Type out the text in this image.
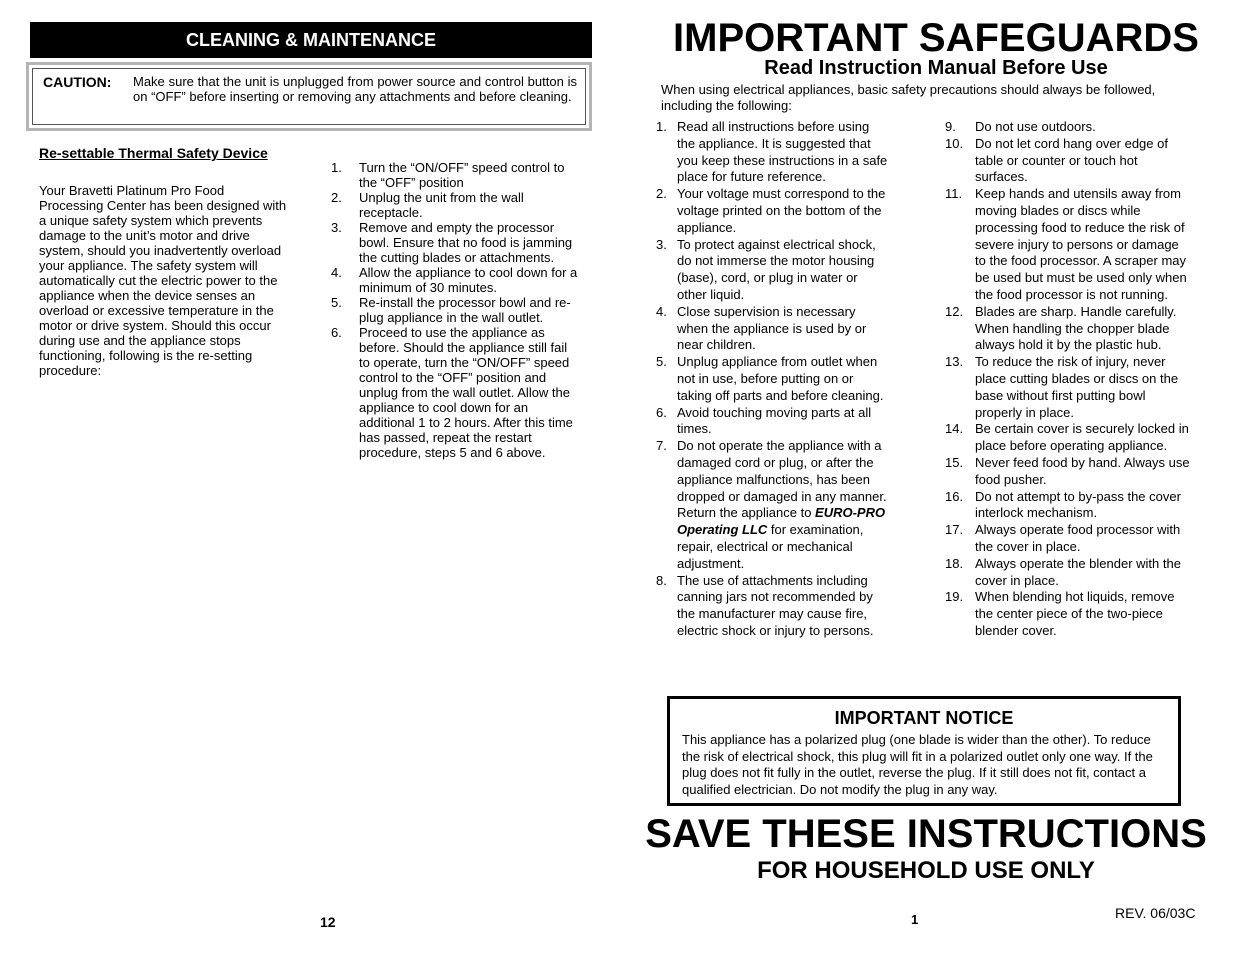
CLEANING & MAINTENANCE
CAUTION: Make sure that the unit is unplugged from power source and control button is on “OFF” before inserting or removing any attachments and before cleaning.
Re-settable Thermal Safety Device
Your Bravetti Platinum Pro Food Processing Center has been designed with a unique safety system which prevents damage to the unit’s motor and drive system, should you inadvertently overload your appliance. The safety system will automatically cut the electric power to the appliance when the device senses an overload or excessive temperature in the motor or drive system. Should this occur during use and the appliance stops functioning, following is the re-setting procedure:
1. Turn the “ON/OFF” speed control to the “OFF” position
2. Unplug the unit from the wall receptacle.
3. Remove and empty the processor bowl. Ensure that no food is jamming the cutting blades or attachments.
4. Allow the appliance to cool down for a minimum of 30 minutes.
5. Re-install the processor bowl and re-plug appliance in the wall outlet.
6. Proceed to use the appliance as before. Should the appliance still fail to operate, turn the “ON/OFF” speed control to the “OFF” position and unplug from the wall outlet. Allow the appliance to cool down for an additional 1 to 2 hours. After this time has passed, repeat the restart procedure, steps 5 and 6 above.
12
IMPORTANT SAFEGUARDS
Read Instruction Manual Before Use
When using electrical appliances, basic safety precautions should always be followed, including the following:
1. Read all instructions before using the appliance. It is suggested that you keep these instructions in a safe place for future reference.
2. Your voltage must correspond to the voltage printed on the bottom of the appliance.
3. To protect against electrical shock, do not immerse the motor housing (base), cord, or plug in water or other liquid.
4. Close supervision is necessary when the appliance is used by or near children.
5. Unplug appliance from outlet when not in use, before putting on or taking off parts and before cleaning.
6. Avoid touching moving parts at all times.
7. Do not operate the appliance with a damaged cord or plug, or after the appliance malfunctions, has been dropped or damaged in any manner. Return the appliance to EURO-PRO Operating LLC for examination, repair, electrical or mechanical adjustment.
8. The use of attachments including canning jars not recommended by the manufacturer may cause fire, electric shock or injury to persons.
9. Do not use outdoors.
10. Do not let cord hang over edge of table or counter or touch hot surfaces.
11. Keep hands and utensils away from moving blades or discs while processing food to reduce the risk of severe injury to persons or damage to the food processor. A scraper may be used but must be used only when the food processor is not running.
12. Blades are sharp. Handle carefully. When handling the chopper blade always hold it by the plastic hub.
13. To reduce the risk of injury, never place cutting blades or discs on the base without first putting bowl properly in place.
14. Be certain cover is securely locked in place before operating appliance.
15. Never feed food by hand. Always use food pusher.
16. Do not attempt to by-pass the cover interlock mechanism.
17. Always operate food processor with the cover in place.
18. Always operate the blender with the cover in place.
19. When blending hot liquids, remove the center piece of the two-piece blender cover.
IMPORTANT NOTICE
This appliance has a polarized plug (one blade is wider than the other). To reduce the risk of electrical shock, this plug will fit in a polarized outlet only one way. If the plug does not fit fully in the outlet, reverse the plug. If it still does not fit, contact a qualified electrician. Do not modify the plug in any way.
SAVE THESE INSTRUCTIONS
FOR HOUSEHOLD USE ONLY
1	REV. 06/03C
